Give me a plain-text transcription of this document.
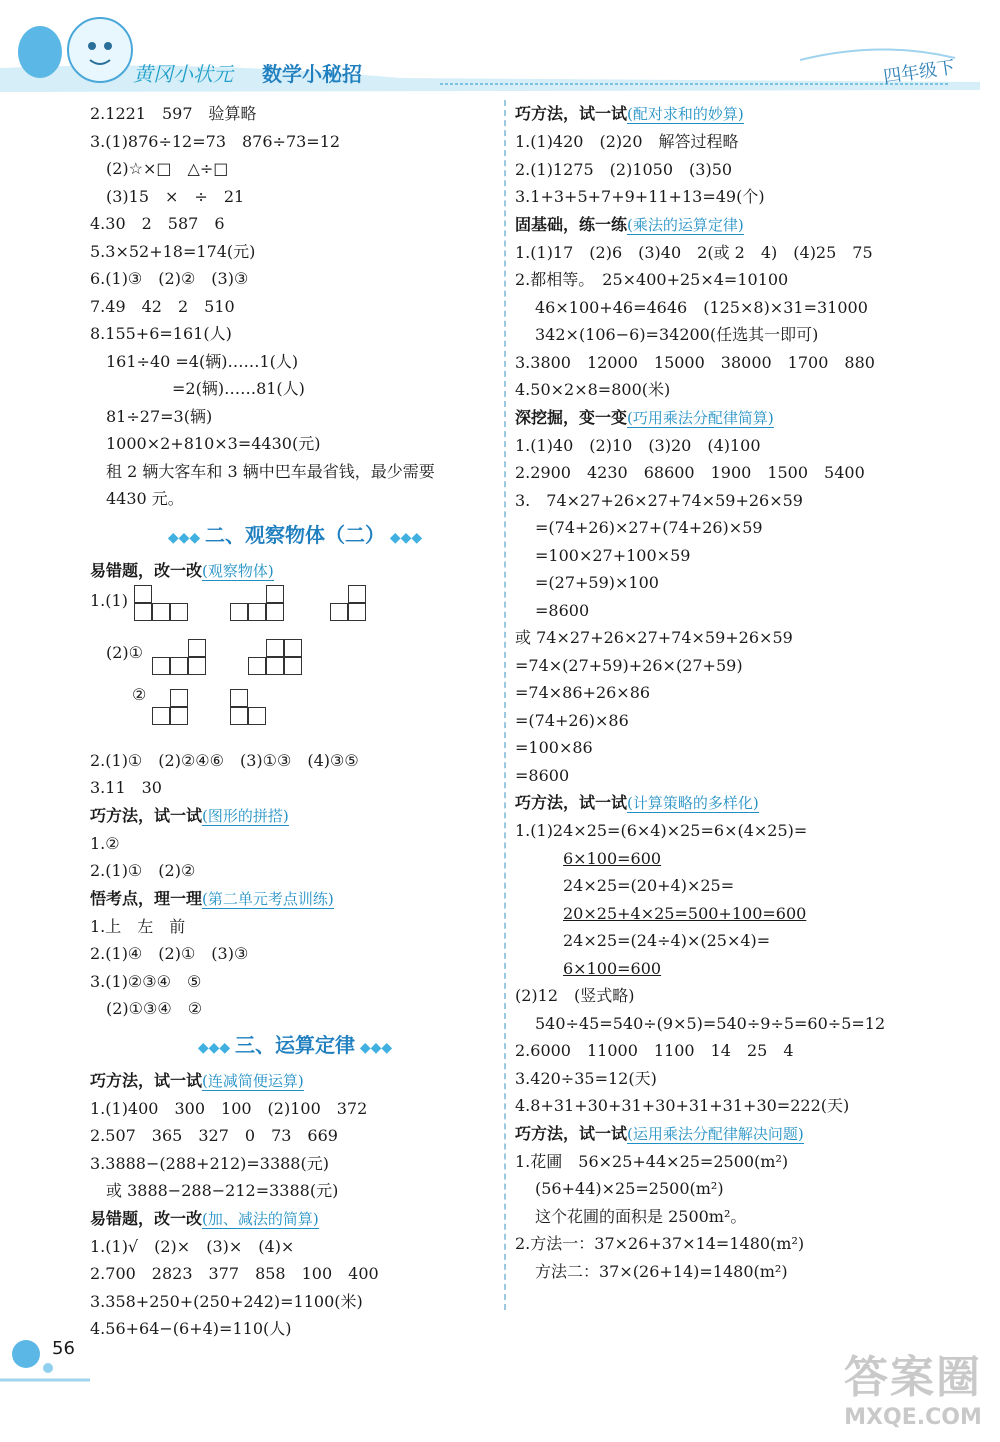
黄冈小状元 数学小秘招	四年级下
2.1221　597　验算略
3.(1)876÷12=73　876÷73=12
(2)☆×□　△÷□
(3)15　×　÷　21
4.30　2　587　6
5.3×52+18=174(元)
6.(1)③　(2)②　(3)③
7.49　42　2　510
8.155+6=161(人)
161÷40 =4(辆)……1(人)
=2(辆)……81(人)
81÷27=3(辆)
1000×2+810×3=4430(元)
租 2 辆大客车和 3 辆中巴车最省钱，最少需要
4430 元。
◆◆◆ 二、观察物体（二） ◆◆◆
易错题，改一改(观察物体)
1.(1)
(2)①
②
2.(1)①　(2)②④⑥　(3)①③　(4)③⑤
3.11　30
巧方法，试一试(图形的拼搭)
1.②
2.(1)①　(2)②
悟考点，理一理(第二单元考点训练)
1.上　左　前
2.(1)④　(2)①　(3)③
3.(1)②③④　⑤
(2)①③④　②
◆◆◆ 三、运算定律 ◆◆◆
巧方法，试一试(连减简便运算)
1.(1)400　300　100　(2)100　372
2.507　365　327　0　73　669
3.3888−(288+212)=3388(元)
或 3888−288−212=3388(元)
易错题，改一改(加、减法的简算)
1.(1)√　(2)×　(3)×　(4)×
2.700　2823　377　858　100　400
3.358+250+(250+242)=1100(米)
4.56+64−(6+4)=110(人)
巧方法，试一试(配对求和的妙算)
1.(1)420　(2)20　解答过程略
2.(1)1275　(2)1050　(3)50
3.1+3+5+7+9+11+13=49(个)
固基础，练一练(乘法的运算定律)
1.(1)17　(2)6　(3)40　2(或 2　4)　(4)25　75
2.都相等。　25×400+25×4=10100
46×100+46=4646　(125×8)×31=31000
342×(106−6)=34200(任选其一即可)
3.3800　12000　15000　38000　1700　880
4.50×2×8=800(米)
深挖掘，变一变(巧用乘法分配律简算)
1.(1)40　(2)10　(3)20　(4)100
2.2900　4230　68600　1900　1500　5400
3.　74×27+26×27+74×59+26×59
=(74+26)×27+(74+26)×59
=100×27+100×59
=(27+59)×100
=8600
或 74×27+26×27+74×59+26×59
=74×(27+59)+26×(27+59)
=74×86+26×86
=(74+26)×86
=100×86
=8600
巧方法，试一试(计算策略的多样化)
1.(1)24×25=(6×4)×25=6×(4×25)=
6×100=600
24×25=(20+4)×25=
20×25+4×25=500+100=600
24×25=(24÷4)×(25×4)=
6×100=600
(2)12　(竖式略)
540÷45=540÷(9×5)=540÷9÷5=60÷5=12
2.6000　11000　1100　14　25　4
3.420÷35=12(天)
4.8+31+30+31+30+31+31+30=222(天)
巧方法，试一试(运用乘法分配律解决问题)
1.花圃　56×25+44×25=2500(m²)
(56+44)×25=2500(m²)
这个花圃的面积是 2500m²。
2.方法一：37×26+37×14=1480(m²)
方法二：37×(26+14)=1480(m²)
56
答案圈
MXQE.COM
